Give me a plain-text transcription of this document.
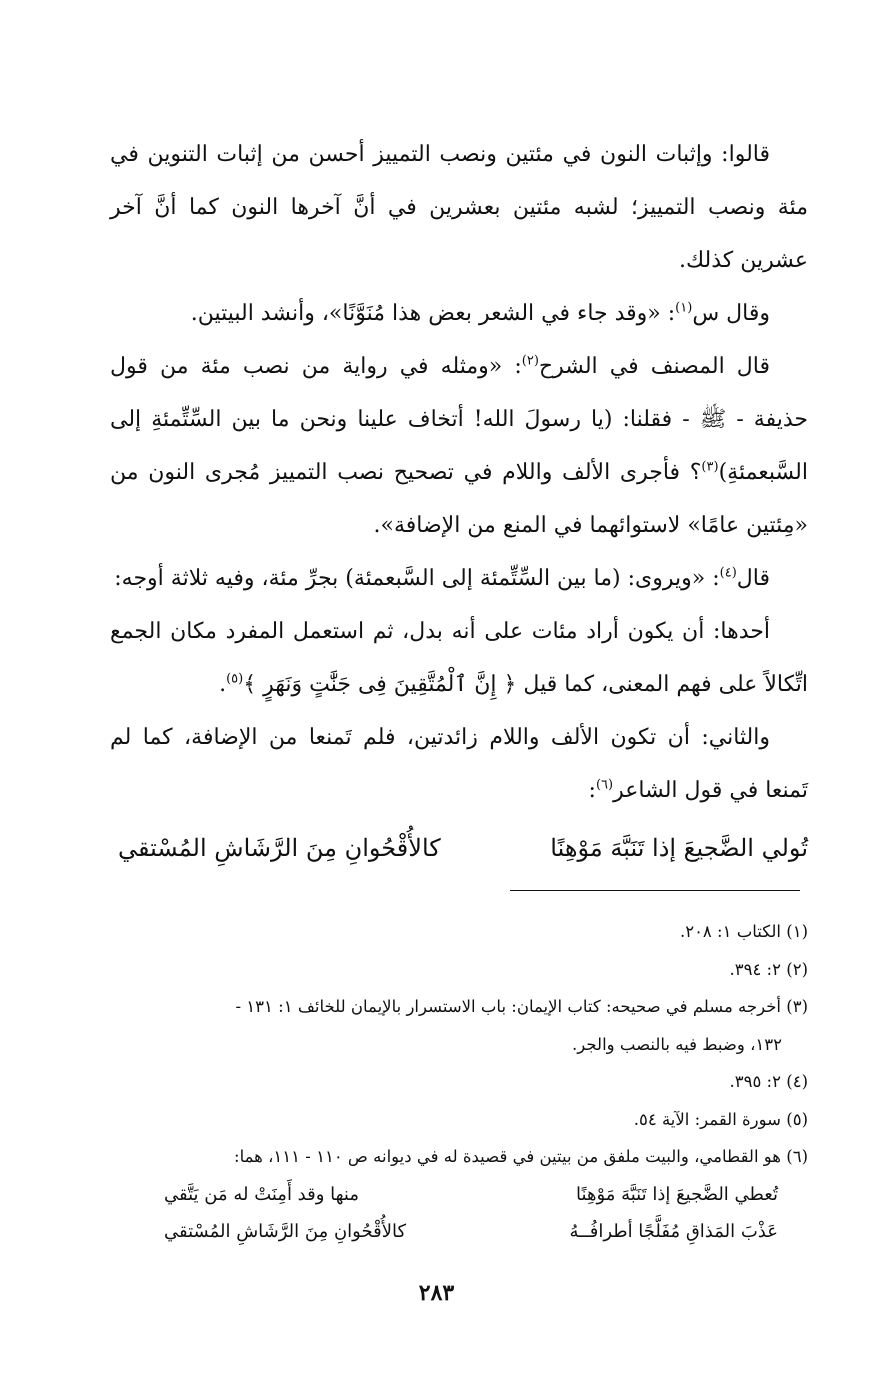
قالوا: وإثبات النون في مئتين ونصب التمييز أحسن من إثبات التنوين في مئة ونصب التمييز؛ لشبه مئتين بعشرين في أنَّ آخرها النون كما أنَّ آخر عشرين كذلك.

وقال س$^{(١)}$: «وقد جاء في الشعر بعض هذا مُنَوَّنًا»، وأنشد البيتين.

قال المصنف في الشرح$^{(٢)}$: «ومثله في رواية من نصب مئة من قول حذيفة - ﷺ - فقلنا: (يا رسولَ الله! أتخاف علينا ونحن ما بين السِّتِّمئةِ إلى السَّبعمئةِ)$^{(٣)}$؟ فأجرى الألف واللام في تصحيح نصب التمييز مُجرى النون من «مِئتين عامًا» لاستوائهما في المنع من الإضافة».

قال$^{(٤)}$: «ويروى: (ما بين السِّتِّمئة إلى السَّبعمئة) بجرِّ مئة، وفيه ثلاثة أوجه:

أحدها: أن يكون أراد مئات على أنه بدل، ثم استعمل المفرد مكان الجمع اتِّكالاً على فهم المعنى، كما قيل ﴿ إِنَّ ٱلْمُتَّقِينَ فِى جَنَّٰتٍ وَنَهَرٍ ﴾$^{(٥)}$.

والثاني: أن تكون الألف واللام زائدتين، فلم تَمنعا من الإضافة، كما لم تَمنعا في قول الشاعر$^{(٦)}$:

تُولي الضَّجيعَ إذا تَنَبَّهَ مَوْهِنًا
كالأُقْحُوانِ مِنَ الرَّشَاشِ المُسْتقي

(١) الكتاب ١: ٢٠٨.

(٢) ٢: ٣٩٤.

(٣) أخرجه مسلم في صحيحه: كتاب الإيمان: باب الاستسرار بالإيمان للخائف ١: ١٣١ -

١٣٢، وضبط فيه بالنصب والجر.

(٤) ٢: ٣٩٥.

(٥) سورة القمر: الآية ٥٤.

(٦) هو القطامي، والبيت ملفق من بيتين في قصيدة له في ديوانه ص ١١٠ - ١١١، هما:

تُعطي الضَّجيعَ إذا تَنَبَّهَ مَوْهِنًا
منها وقد أَمِنَتْ له مَن يَتَّقي
عَذْبَ المَذاقِ مُفَلَّجًا أطرافُــهُ
كالأُقْحُوانِ مِنَ الرَّشَاشِ المُسْتقي
٢٨٣
